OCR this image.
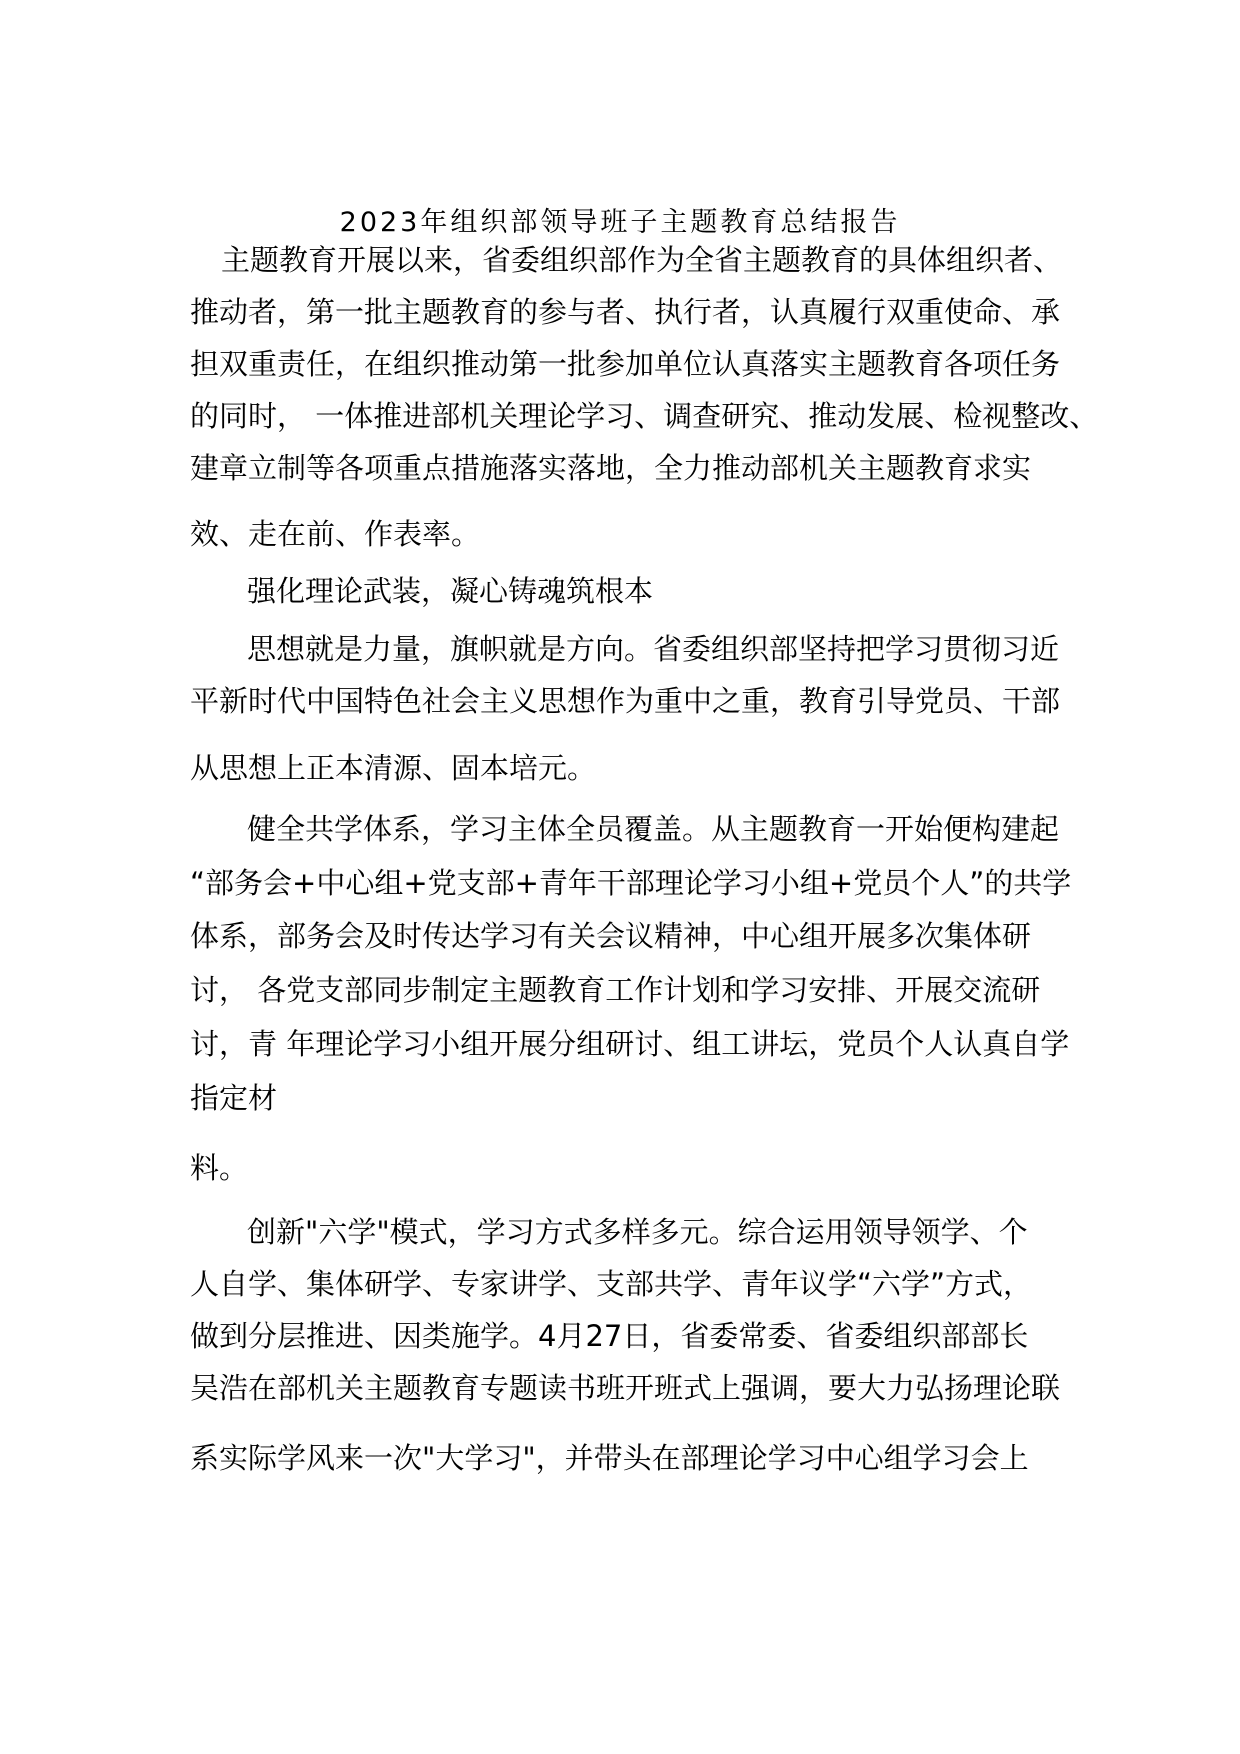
2023年组织部领导班子主题教育总结报告
主题教育开展以来，省委组织部作为全省主题教育的具体组织者、
推动者，第一批主题教育的参与者、执行者，认真履行双重使命、承
担双重责任，在组织推动第一批参加单位认真落实主题教育各项任务
的同时， 一体推进部机关理论学习、调查研究、推动发展、检视整改、
建章立制等各项重点措施落实落地，全力推动部机关主题教育求实
效、走在前、作表率。
强化理论武装，凝心铸魂筑根本
思想就是力量，旗帜就是方向。省委组织部坚持把学习贯彻习近
平新时代中国特色社会主义思想作为重中之重，教育引导党员、干部
从思想上正本清源、固本培元。
健全共学体系，学习主体全员覆盖。从主题教育一开始便构建起
“部务会+中心组+党支部+青年干部理论学习小组+党员个人”的共学
体系，部务会及时传达学习有关会议精神，中心组开展多次集体研
讨， 各党支部同步制定主题教育工作计划和学习安排、开展交流研
讨，青 年理论学习小组开展分组研讨、组工讲坛，党员个人认真自学
指定材
料。
创新"六学"模式，学习方式多样多元。综合运用领导领学、个
人自学、集体研学、专家讲学、支部共学、青年议学“六学”方式，
做到分层推进、因类施学。4月27日，省委常委、省委组织部部长
吴浩在部机关主题教育专题读书班开班式上强调，要大力弘扬理论联
系实际学风来一次"大学习"，并带头在部理论学习中心组学习会上
